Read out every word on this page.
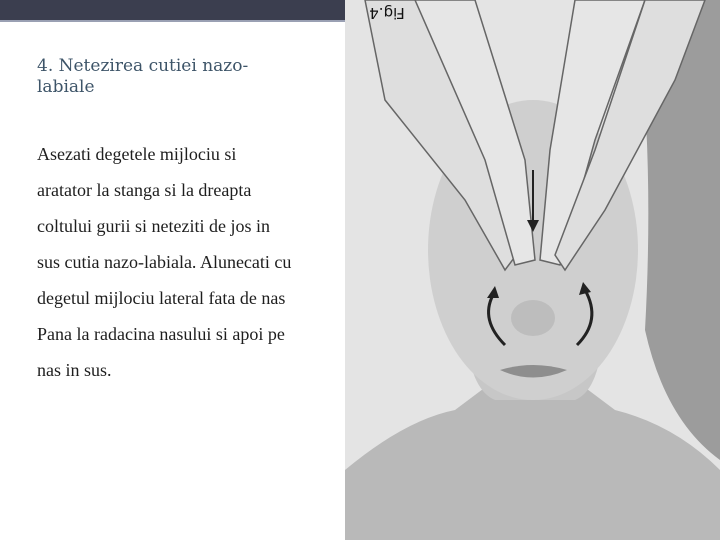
4. Netezirea cutiei nazo-
labiale
Asezati degetele mijlociu si
aratator la stanga si la dreapta
coltului gurii si neteziti de jos in
sus cutia nazo-labiala. Alunecati cu
degetul mijlociu lateral fata de nas
Pana la radacina nasului si apoi pe
nas in sus.
Fig.4
